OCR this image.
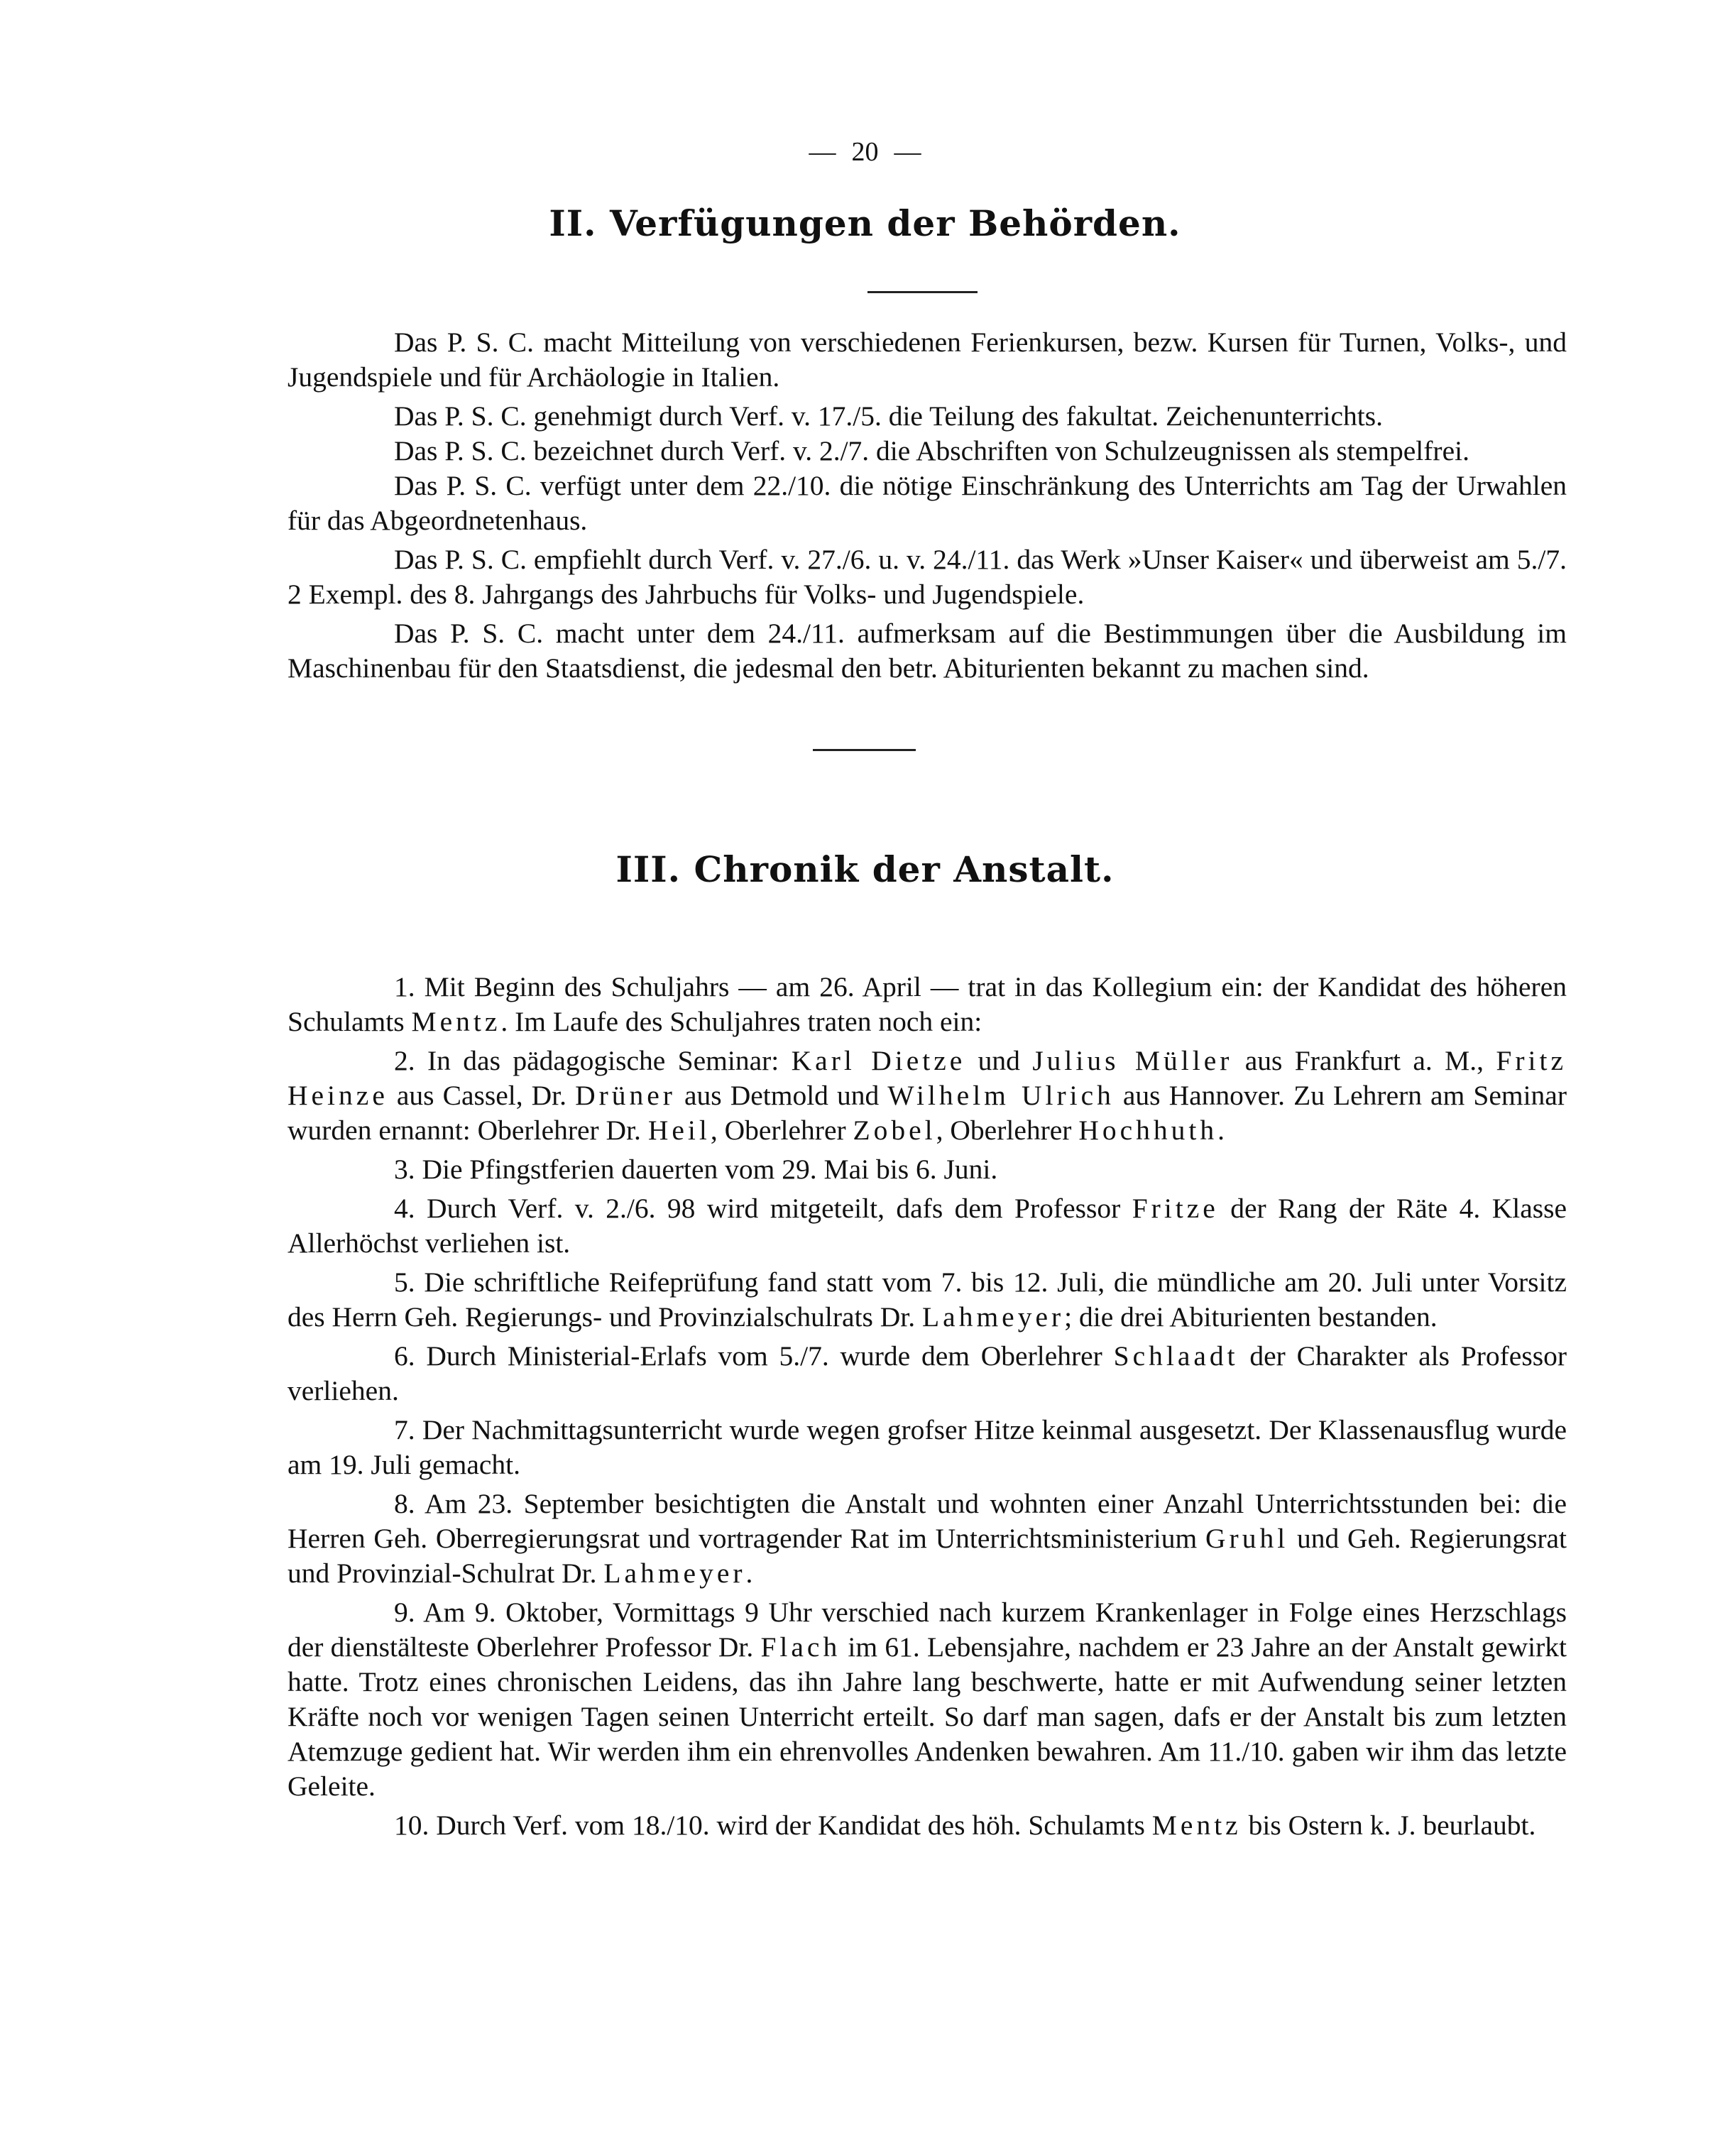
— 20 —
II. Verfügungen der Behörden.

Das P. S. C. macht Mitteilung von verschiedenen Ferienkursen, bezw. Kursen für Turnen, Volks-, und Jugendspiele und für Archäologie in Italien.

Das P. S. C. genehmigt durch Verf. v. 17./5. die Teilung des fakultat. Zeichenunterrichts.

Das P. S. C. bezeichnet durch Verf. v. 2./7. die Abschriften von Schulzeugnissen als stempelfrei.

Das P. S. C. verfügt unter dem 22./10. die nötige Einschränkung des Unterrichts am Tag der Urwahlen für das Abgeordnetenhaus.

Das P. S. C. empfiehlt durch Verf. v. 27./6. u. v. 24./11. das Werk »Unser Kaiser« und überweist am 5./7. 2 Exempl. des 8. Jahrgangs des Jahrbuchs für Volks- und Jugendspiele.

Das P. S. C. macht unter dem 24./11. aufmerksam auf die Bestimmungen über die Ausbildung im Maschinenbau für den Staatsdienst, die jedesmal den betr. Abiturienten bekannt zu machen sind.

III. Chronik der Anstalt.

1. Mit Beginn des Schuljahrs — am 26. April — trat in das Kollegium ein: der Kandidat des höheren Schulamts Mentz. Im Laufe des Schuljahres traten noch ein:

2. In das pädagogische Seminar: Karl Dietze und Julius Müller aus Frankfurt a. M., Fritz Heinze aus Cassel, Dr. Drüner aus Detmold und Wilhelm Ulrich aus Hannover. Zu Lehrern am Seminar wurden ernannt: Oberlehrer Dr. Heil, Oberlehrer Zobel, Oberlehrer Hochhuth.

3. Die Pfingstferien dauerten vom 29. Mai bis 6. Juni.

4. Durch Verf. v. 2./6. 98 wird mitgeteilt, dafs dem Professor Fritze der Rang der Räte 4. Klasse Allerhöchst verliehen ist.

5. Die schriftliche Reifeprüfung fand statt vom 7. bis 12. Juli, die mündliche am 20. Juli unter Vorsitz des Herrn Geh. Regierungs- und Provinzialschulrats Dr. Lahmeyer; die drei Abiturienten bestanden.

6. Durch Ministerial-Erlafs vom 5./7. wurde dem Oberlehrer Schlaadt der Charakter als Professor verliehen.

7. Der Nachmittagsunterricht wurde wegen grofser Hitze keinmal ausgesetzt. Der Klassenausflug wurde am 19. Juli gemacht.

8. Am 23. September besichtigten die Anstalt und wohnten einer Anzahl Unterrichtsstunden bei: die Herren Geh. Oberregierungsrat und vortragender Rat im Unterrichtsministerium Gruhl und Geh. Regierungsrat und Provinzial-Schulrat Dr. Lahmeyer.

9. Am 9. Oktober, Vormittags 9 Uhr verschied nach kurzem Krankenlager in Folge eines Herzschlags der dienstälteste Oberlehrer Professor Dr. Flach im 61. Lebensjahre, nachdem er 23 Jahre an der Anstalt gewirkt hatte. Trotz eines chronischen Leidens, das ihn Jahre lang beschwerte, hatte er mit Aufwendung seiner letzten Kräfte noch vor wenigen Tagen seinen Unterricht erteilt. So darf man sagen, dafs er der Anstalt bis zum letzten Atemzuge gedient hat. Wir werden ihm ein ehrenvolles Andenken bewahren. Am 11./10. gaben wir ihm das letzte Geleite.

10. Durch Verf. vom 18./10. wird der Kandidat des höh. Schulamts Mentz bis Ostern k. J. beurlaubt.
